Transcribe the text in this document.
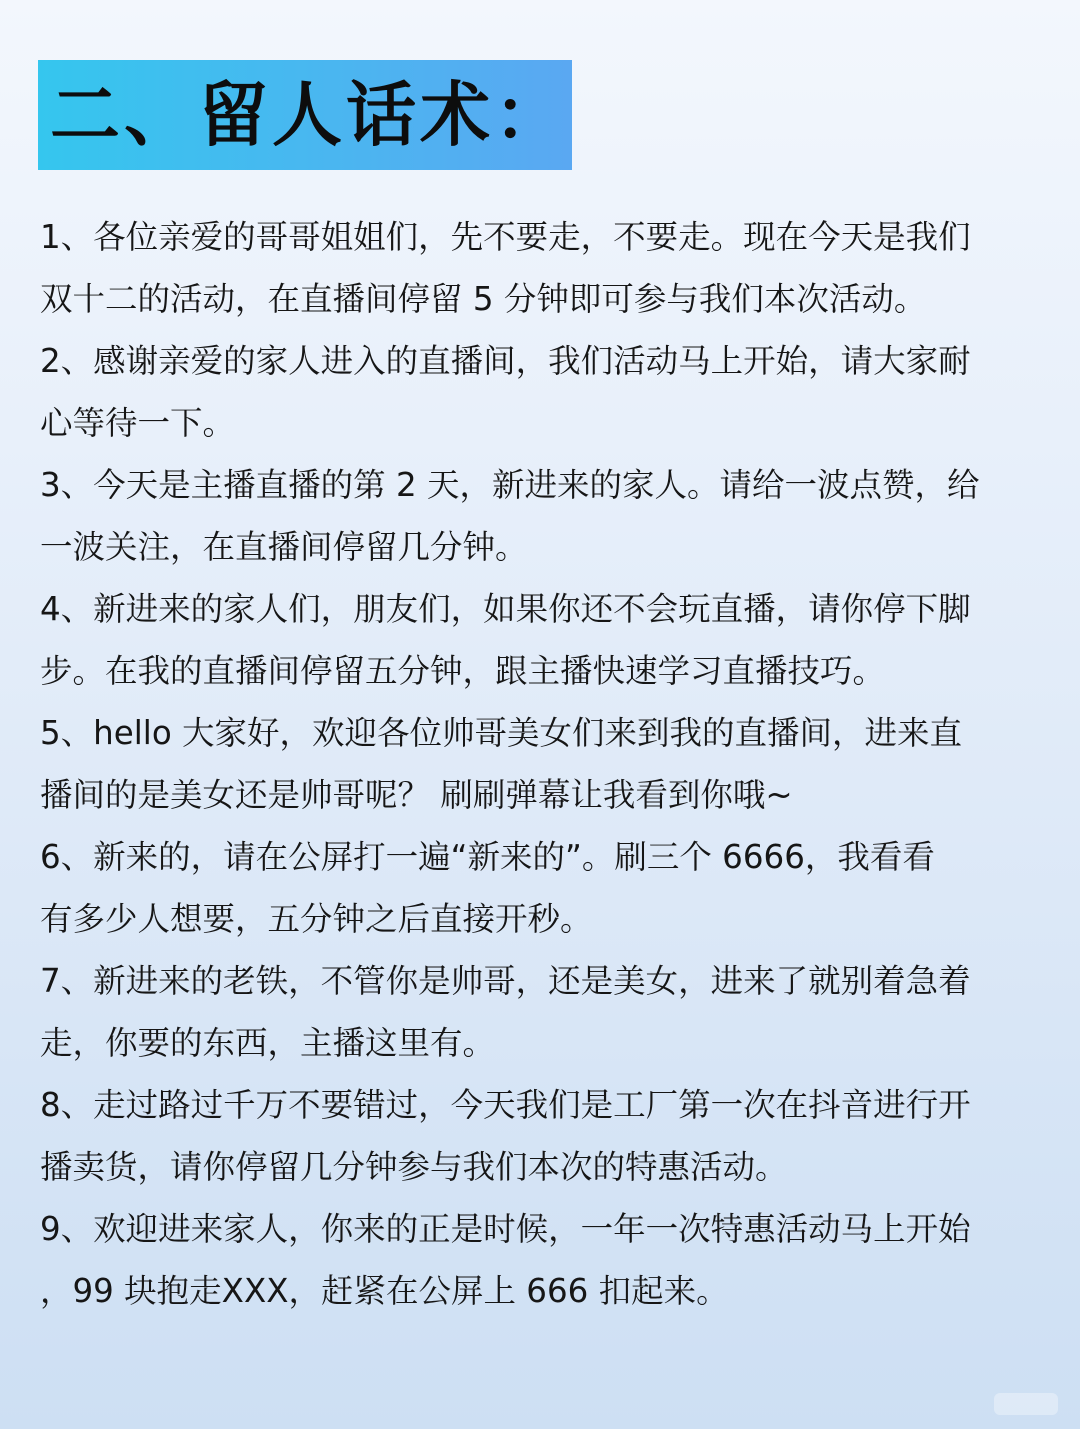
二、留人话术：
1、各位亲爱的哥哥姐姐们，先不要走，不要走。现在今天是我们
双十二的活动，在直播间停留 5 分钟即可参与我们本次活动。
2、感谢亲爱的家人进入的直播间，我们活动马上开始，请大家耐
心等待一下。
3、今天是主播直播的第 2 天，新进来的家人。请给一波点赞，给
一波关注，在直播间停留几分钟。
4、新进来的家人们，朋友们，如果你还不会玩直播，请你停下脚
步。在我的直播间停留五分钟，跟主播快速学习直播技巧。
5、hello 大家好，欢迎各位帅哥美女们来到我的直播间，进来直
播间的是美女还是帅哥呢？ 刷刷弹幕让我看到你哦~
6、新来的，请在公屏打一遍“新来的”。刷三个 6666，我看看
有多少人想要，五分钟之后直接开秒。
7、新进来的老铁，不管你是帅哥，还是美女，进来了就别着急着
走，你要的东西，主播这里有。
8、走过路过千万不要错过，今天我们是工厂第一次在抖音进行开
播卖货，请你停留几分钟参与我们本次的特惠活动。
9、欢迎进来家人，你来的正是时候，一年一次特惠活动马上开始
，99 块抱走XXX，赶紧在公屏上 666 扣起来。
